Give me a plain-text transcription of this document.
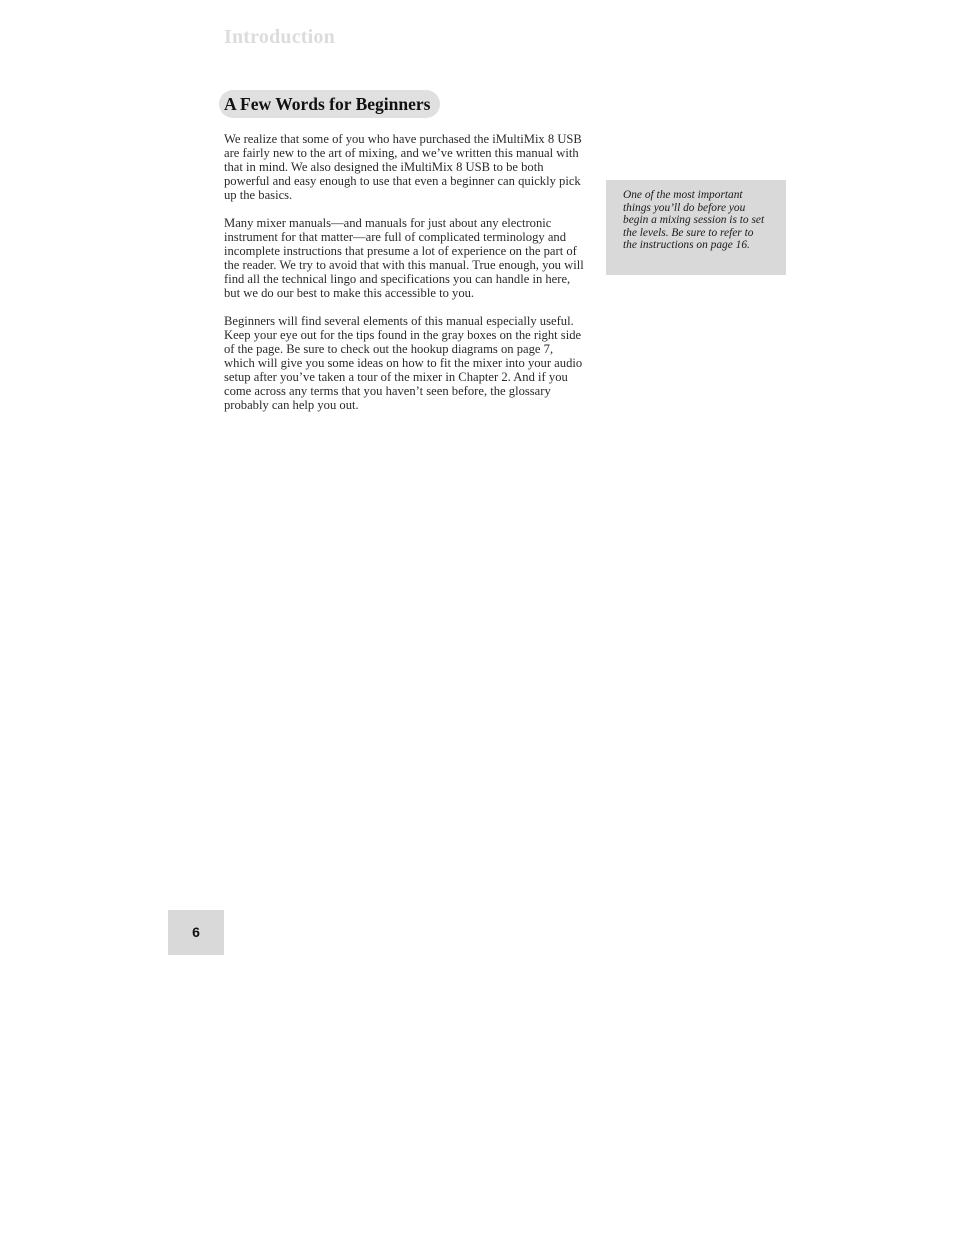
Introduction
A Few Words for Beginners

We realize that some of you who have purchased the iMultiMix 8 USB are fairly new to the art of mixing, and we’ve written this manual with that in mind. We also designed the iMultiMix 8 USB to be both powerful and easy enough to use that even a beginner can quickly pick up the basics.

Many mixer manuals—and manuals for just about any electronic instrument for that matter—are full of complicated terminology and incomplete instructions that presume a lot of experience on the part of the reader. We try to avoid that with this manual. True enough, you will find all the technical lingo and specifications you can handle in here, but we do our best to make this accessible to you.

Beginners will find several elements of this manual especially useful. Keep your eye out for the tips found in the gray boxes on the right side of the page. Be sure to check out the hookup diagrams on page 7, which will give you some ideas on how to fit the mixer into your audio setup after you’ve taken a tour of the mixer in Chapter 2. And if you come across any terms that you haven’t seen before, the glossary probably can help you out.

One of the most important things you’ll do before you begin a mixing session is to set the levels. Be sure to refer to the instructions on page 16.

6
